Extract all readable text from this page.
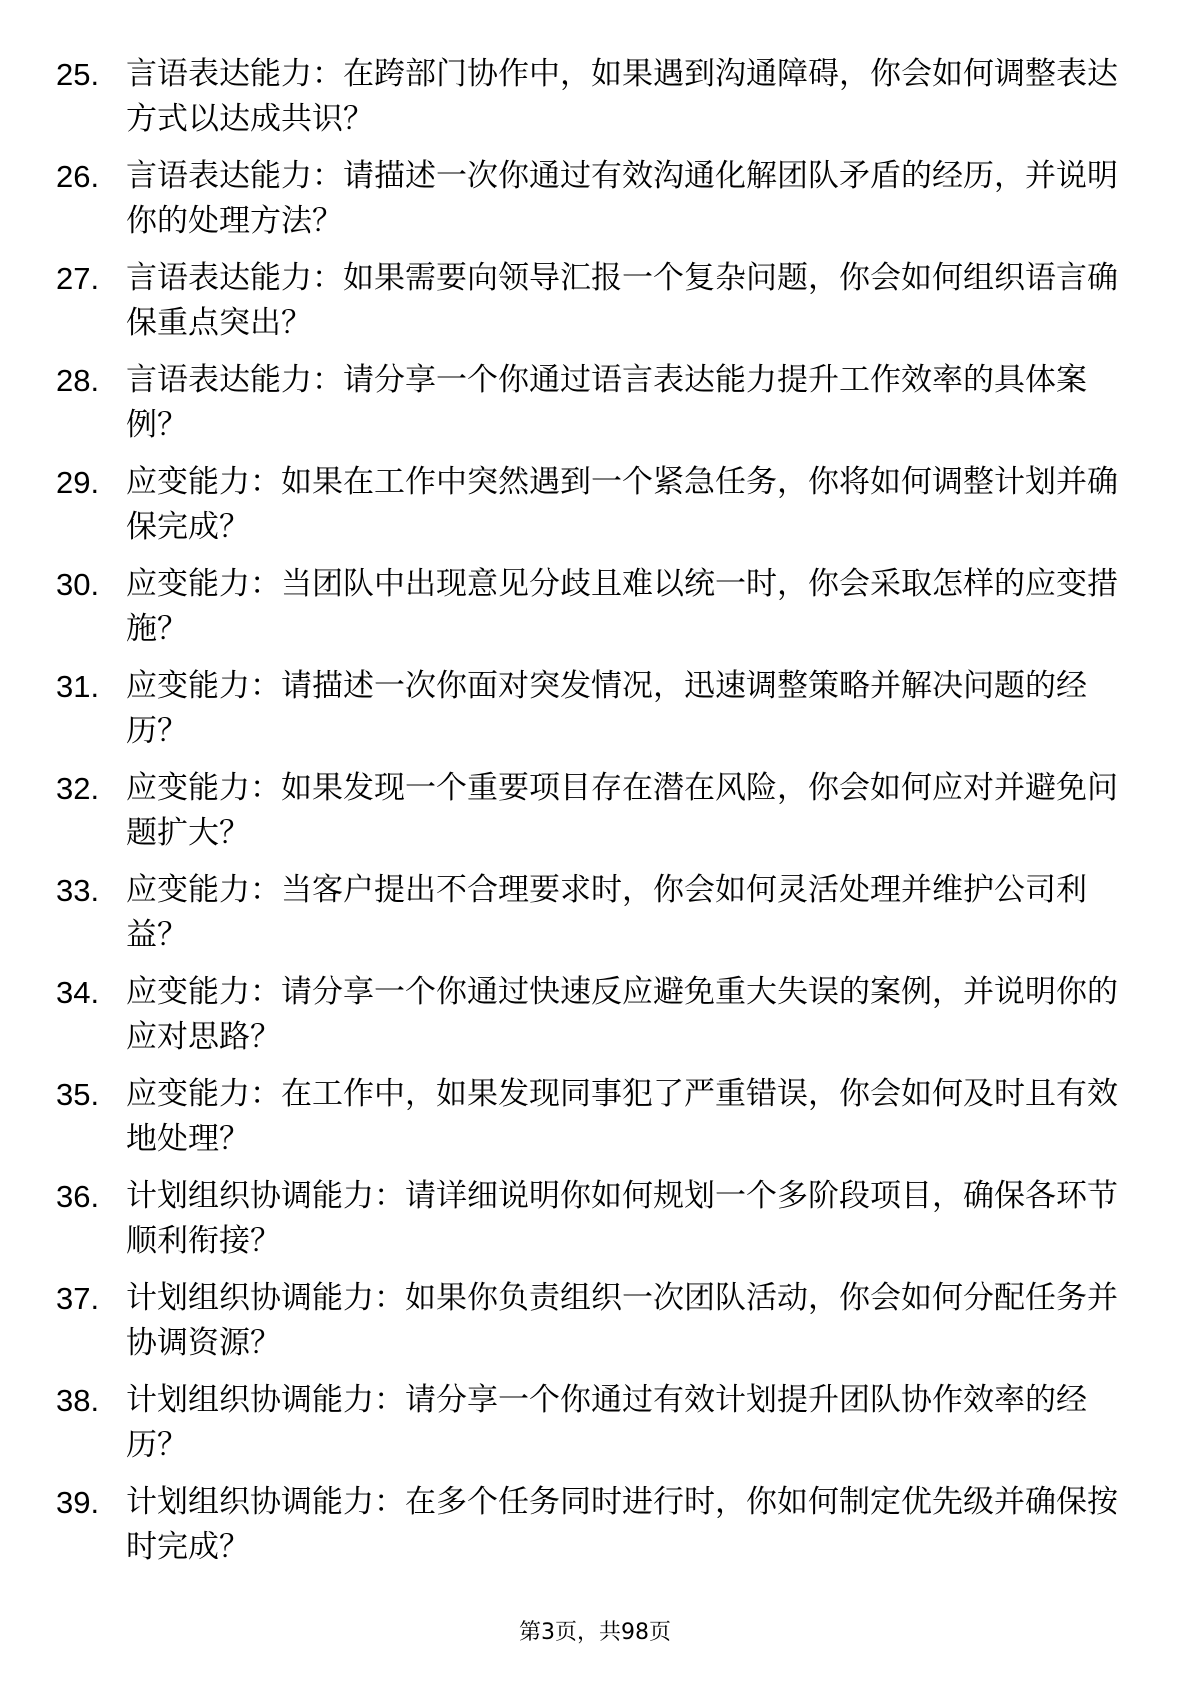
25. 言语表达能力：在跨部门协作中，如果遇到沟通障碍，你会如何调整表达方式以达成共识？
26. 言语表达能力：请描述一次你通过有效沟通化解团队矛盾的经历，并说明你的处理方法？
27. 言语表达能力：如果需要向领导汇报一个复杂问题，你会如何组织语言确保重点突出？
28. 言语表达能力：请分享一个你通过语言表达能力提升工作效率的具体案例？
29. 应变能力：如果在工作中突然遇到一个紧急任务，你将如何调整计划并确保完成？
30. 应变能力：当团队中出现意见分歧且难以统一时，你会采取怎样的应变措施？
31. 应变能力：请描述一次你面对突发情况，迅速调整策略并解决问题的经历？
32. 应变能力：如果发现一个重要项目存在潜在风险，你会如何应对并避免问题扩大？
33. 应变能力：当客户提出不合理要求时，你会如何灵活处理并维护公司利益？
34. 应变能力：请分享一个你通过快速反应避免重大失误的案例，并说明你的应对思路？
35. 应变能力：在工作中，如果发现同事犯了严重错误，你会如何及时且有效地处理？
36. 计划组织协调能力：请详细说明你如何规划一个多阶段项目，确保各环节顺利衔接？
37. 计划组织协调能力：如果你负责组织一次团队活动，你会如何分配任务并协调资源？
38. 计划组织协调能力：请分享一个你通过有效计划提升团队协作效率的经历？
39. 计划组织协调能力：在多个任务同时进行时，你如何制定优先级并确保按时完成？
第3页，共98页
